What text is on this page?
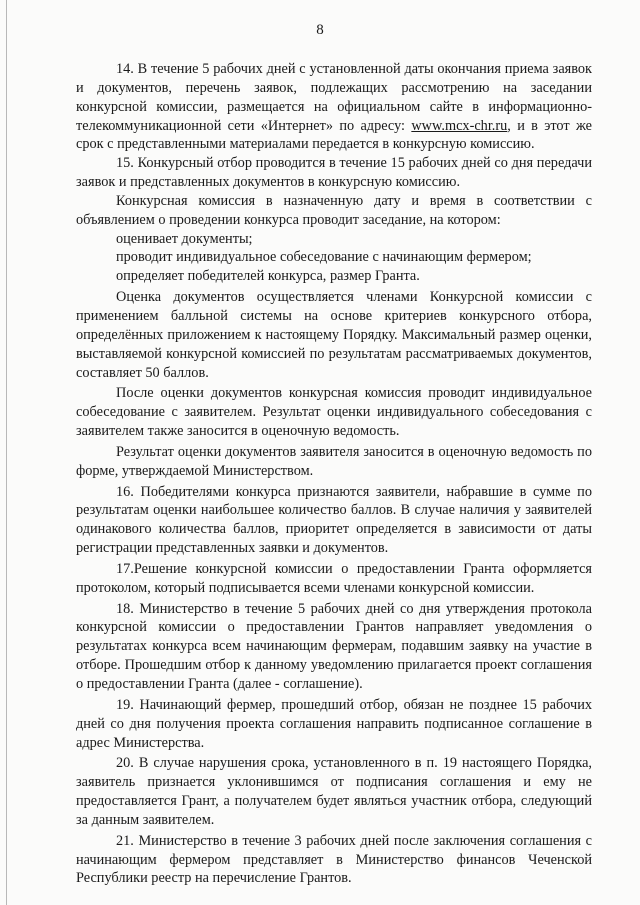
8

14. В течение 5 рабочих дней с установленной даты окончания приема заявок и документов, перечень заявок, подлежащих рассмотрению на заседании конкурсной комиссии, размещается на официальном сайте в информационно-телекоммуникационной сети «Интернет» по адресу: www.mcx-chr.ru, и в этот же срок с представленными материалами передается в конкурсную комиссию.

15. Конкурсный отбор проводится в течение 15 рабочих дней со дня передачи заявок и представленных документов в конкурсную комиссию.

Конкурсная комиссия в назначенную дату и время в соответствии с объявлением о проведении конкурса проводит заседание, на котором:

оценивает документы;

проводит индивидуальное собеседование с начинающим фермером;

определяет победителей конкурса, размер Гранта.

Оценка документов осуществляется членами Конкурсной комиссии с применением балльной системы на основе критериев конкурсного отбора, определённых приложением к настоящему Порядку. Максимальный размер оценки, выставляемой конкурсной комиссией по результатам рассматриваемых документов, составляет 50 баллов.

После оценки документов конкурсная комиссия проводит индивидуальное собеседование с заявителем. Результат оценки индивидуального собеседования с заявителем также заносится в оценочную ведомость.

Результат оценки документов заявителя заносится в оценочную ведомость по форме, утверждаемой Министерством.

16. Победителями конкурса признаются заявители, набравшие в сумме по результатам оценки наибольшее количество баллов. В случае наличия у заявителей одинакового количества баллов, приоритет определяется в зависимости от даты регистрации представленных заявки и документов.

17.Решение конкурсной комиссии о предоставлении Гранта оформляется протоколом, который подписывается всеми членами конкурсной комиссии.

18. Министерство в течение 5 рабочих дней со дня утверждения протокола конкурсной комиссии о предоставлении Грантов направляет уведомления о результатах конкурса всем начинающим фермерам, подавшим заявку на участие в отборе. Прошедшим отбор к данному уведомлению прилагается проект соглашения о предоставлении Гранта (далее - соглашение).

19. Начинающий фермер, прошедший отбор, обязан не позднее 15 рабочих дней со дня получения проекта соглашения направить подписанное соглашение в адрес Министерства.

20. В случае нарушения срока, установленного в п. 19 настоящего Порядка, заявитель признается уклонившимся от подписания соглашения и ему не предоставляется Грант, а получателем будет являться участник отбора, следующий за данным заявителем.

21. Министерство в течение 3 рабочих дней после заключения соглашения с начинающим фермером представляет в Министерство финансов Чеченской Республики реестр на перечисление Грантов.
